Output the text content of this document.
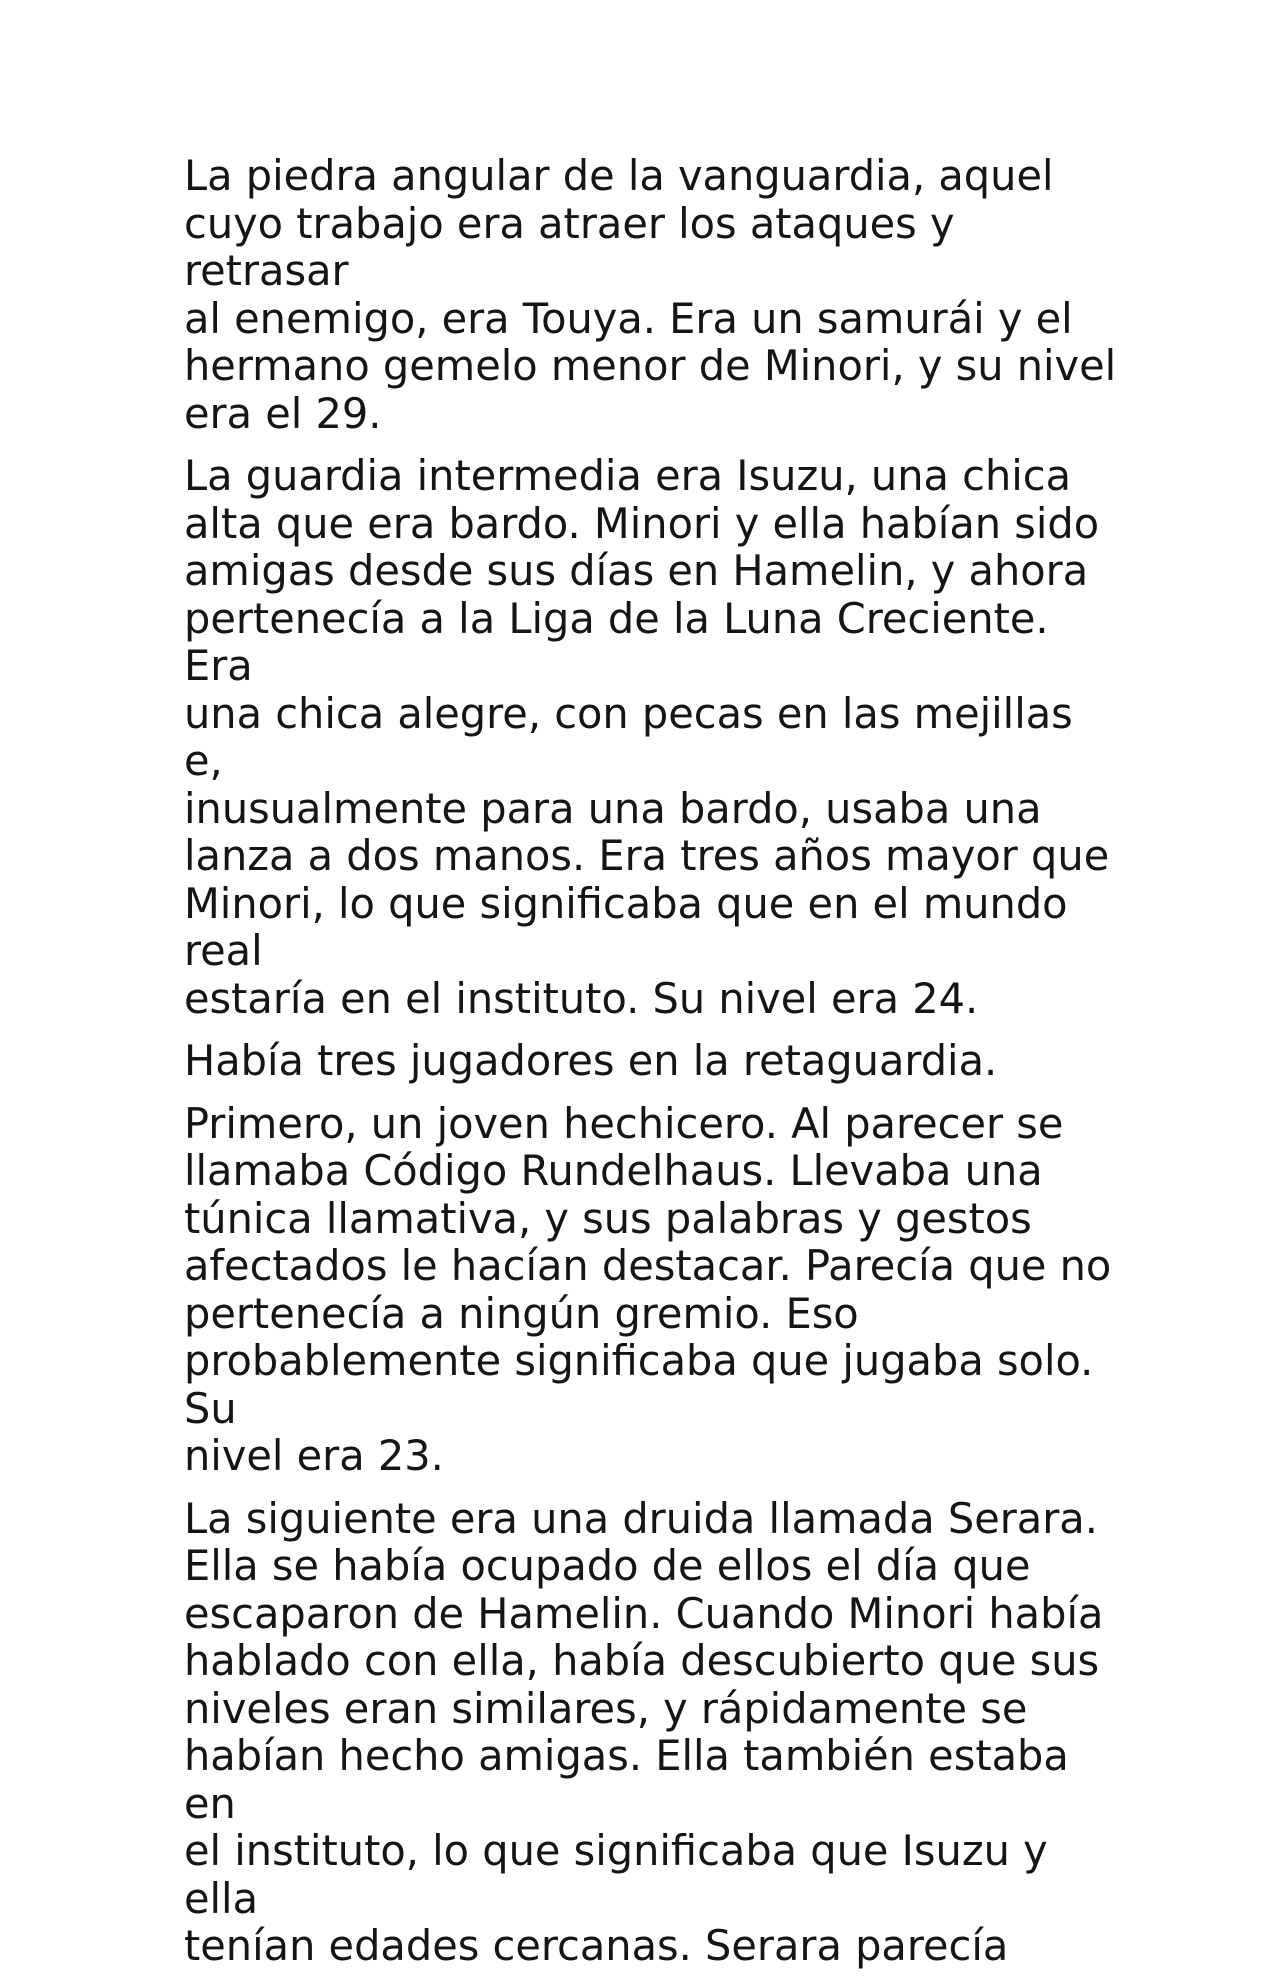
La piedra angular de la vanguardia, aquel
cuyo trabajo era atraer los ataques y retrasar
al enemigo, era Touya. Era un samurái y el
hermano gemelo menor de Minori, y su nivel
era el 29.

La guardia intermedia era Isuzu, una chica
alta que era bardo. Minori y ella habían sido
amigas desde sus días en Hamelin, y ahora
pertenecía a la Liga de la Luna Creciente. Era
una chica alegre, con pecas en las mejillas e,
inusualmente para una bardo, usaba una
lanza a dos manos. Era tres años mayor que
Minori, lo que significaba que en el mundo real
estaría en el instituto. Su nivel era 24.

Había tres jugadores en la retaguardia.

Primero, un joven hechicero. Al parecer se
llamaba Código Rundelhaus. Llevaba una
túnica llamativa, y sus palabras y gestos
afectados le hacían destacar. Parecía que no
pertenecía a ningún gremio. Eso
probablemente significaba que jugaba solo. Su
nivel era 23.

La siguiente era una druida llamada Serara.
Ella se había ocupado de ellos el día que
escaparon de Hamelin. Cuando Minori había
hablado con ella, había descubierto que sus
niveles eran similares, y rápidamente se
habían hecho amigas. Ella también estaba en
el instituto, lo que significaba que Isuzu y ella
tenían edades cercanas. Serara parecía
